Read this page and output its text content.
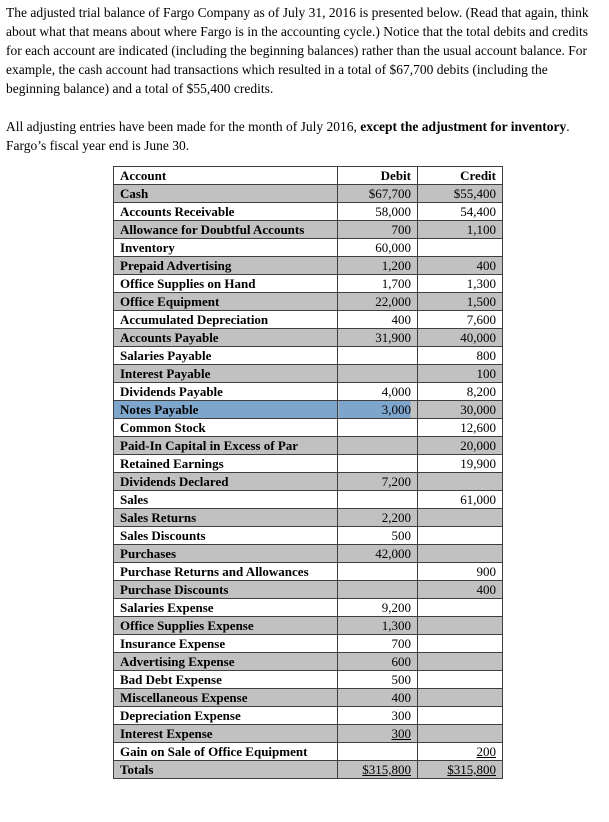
The adjusted trial balance of Fargo Company as of July 31, 2016 is presented below. (Read that again, think about what that means about where Fargo is in the accounting cycle.) Notice that the total debits and credits for each account are indicated (including the beginning balances) rather than the usual account balance. For example, the cash account had transactions which resulted in a total of $67,700 debits (including the beginning balance) and a total of $55,400 credits.

All adjusting entries have been made for the month of July 2016, except the adjustment for inventory.
Fargo’s fiscal year end is June 30.

Account	Debit	Credit
Cash	$67,700	$55,400
Accounts Receivable	58,000	54,400
Allowance for Doubtful Accounts	700	1,100
Inventory	60,000	
Prepaid Advertising	1,200	400
Office Supplies on Hand	1,700	1,300
Office Equipment	22,000	1,500
Accumulated Depreciation	400	7,600
Accounts Payable	31,900	40,000
Salaries Payable		800
Interest Payable		100
Dividends Payable	4,000	8,200
Notes Payable	3,000	30,000
Common Stock		12,600
Paid-In Capital in Excess of Par		20,000
Retained Earnings		19,900
Dividends Declared	7,200	
Sales		61,000
Sales Returns	2,200	
Sales Discounts	500	
Purchases	42,000	
Purchase Returns and Allowances		900
Purchase Discounts		400
Salaries Expense	9,200	
Office Supplies Expense	1,300	
Insurance Expense	700	
Advertising Expense	600	
Bad Debt Expense	500	
Miscellaneous Expense	400	
Depreciation Expense	300	
Interest Expense	300	
Gain on Sale of Office Equipment		200
Totals	$315,800	$315,800
